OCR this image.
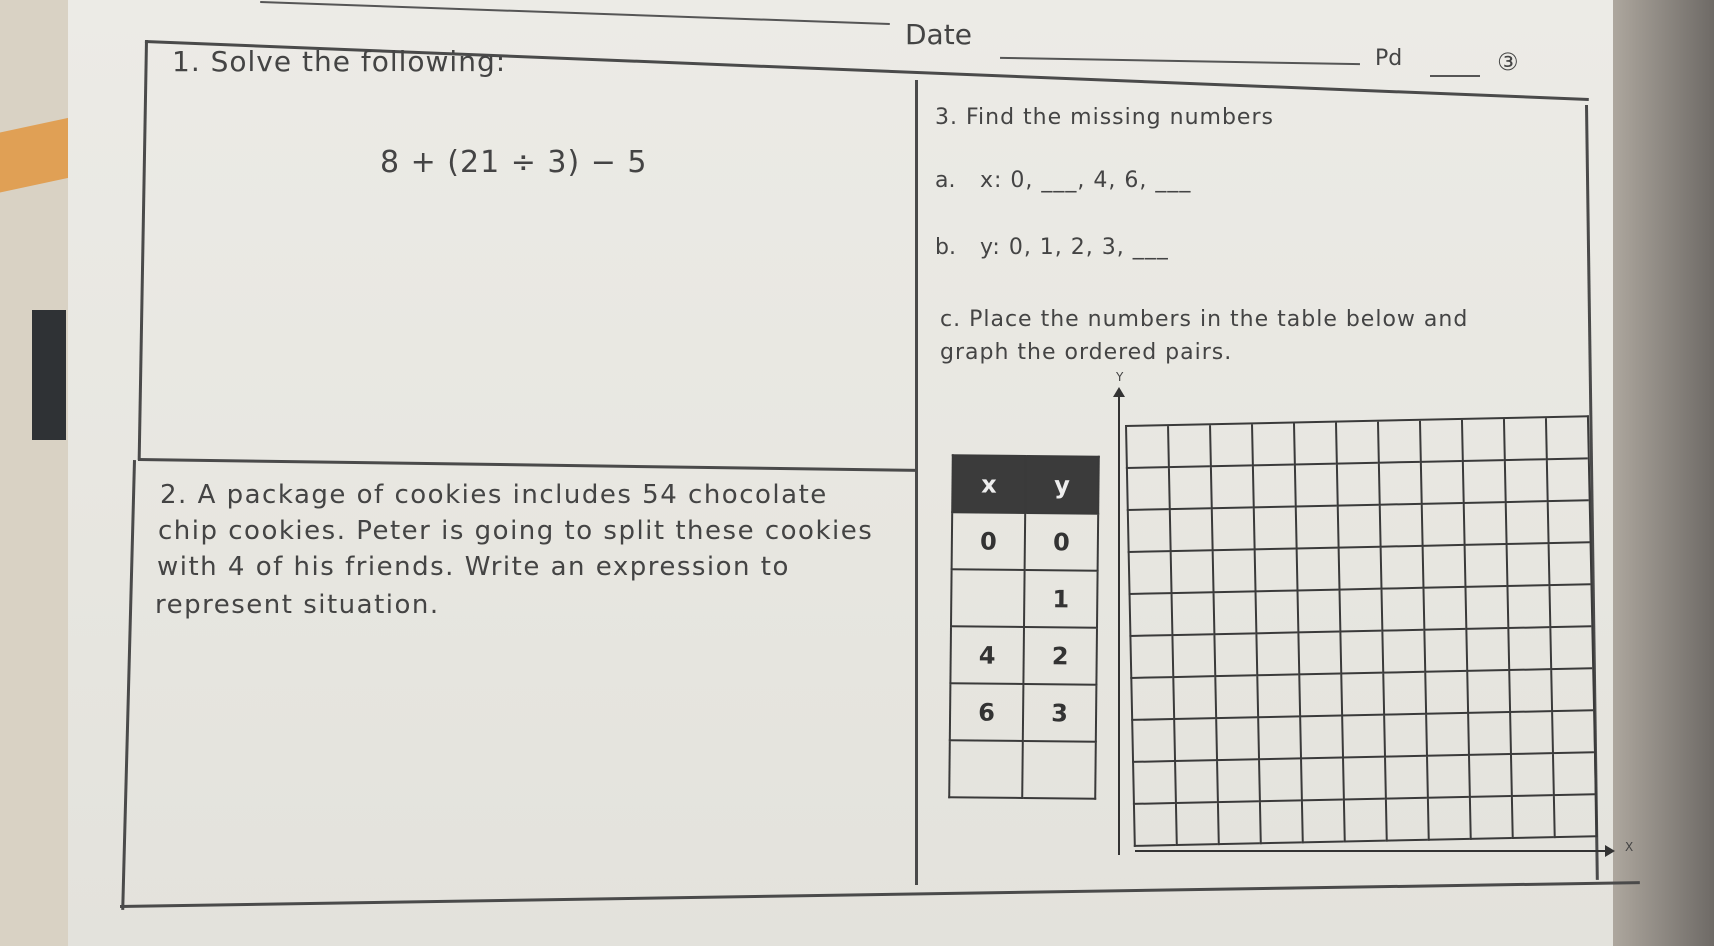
Date
Pd	③
1. Solve the following:
8 + (21 ÷ 3) − 5
2. A package of cookies includes 54 chocolate
chip cookies. Peter is going to split these cookies
with 4 of his friends. Write an expression to
represent situation.
3. Find the missing numbers
a. x: 0, ___, 4, 6, ___
b. y: 0, 1, 2, 3, ___
c. Place the numbers in the table below and
graph the ordered pairs.
x	y
0	0
	1
4	2
6	3

Y
X
